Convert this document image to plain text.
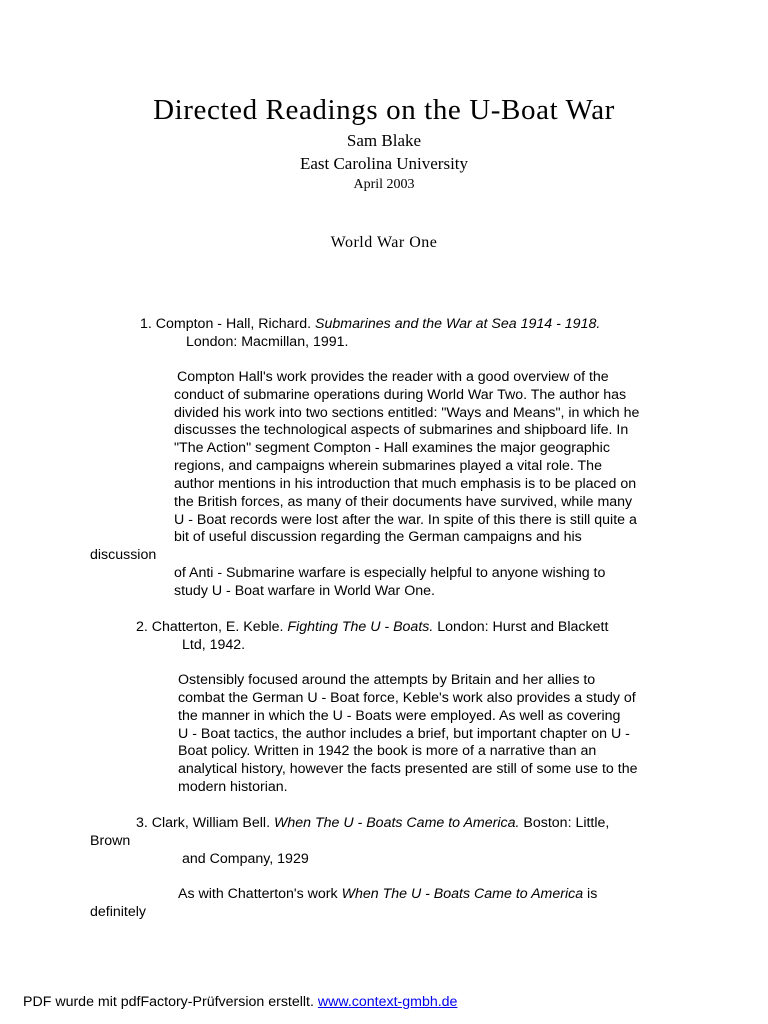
Directed Readings on the U-Boat War
Sam Blake
East Carolina University
April 2003
World War One
1. Compton - Hall, Richard. Submarines and the War at Sea 1914 - 1918.
London: Macmillan, 1991.
Compton Hall's work provides the reader with a good overview of the
conduct of submarine operations during World War Two. The author has
divided his work into two sections entitled: "Ways and Means", in which he
discusses the technological aspects of submarines and shipboard life. In
"The Action" segment Compton - Hall examines the major geographic
regions, and campaigns wherein submarines played a vital role. The
author mentions in his introduction that much emphasis is to be placed on
the British forces, as many of their documents have survived, while many
U - Boat records were lost after the war. In spite of this there is still quite a
bit of useful discussion regarding the German campaigns and his
discussion
of Anti - Submarine warfare is especially helpful to anyone wishing to
study U - Boat warfare in World War One.
2. Chatterton, E. Keble. Fighting The U - Boats. London: Hurst and Blackett
Ltd, 1942.
Ostensibly focused around the attempts by Britain and her allies to
combat the German U - Boat force, Keble's work also provides a study of
the manner in which the U - Boats were employed. As well as covering
U - Boat tactics, the author includes a brief, but important chapter on U -
Boat policy. Written in 1942 the book is more of a narrative than an
analytical history, however the facts presented are still of some use to the
modern historian.
3. Clark, William Bell. When The U - Boats Came to America. Boston: Little,
Brown
and Company, 1929
As with Chatterton's work When The U - Boats Came to America is
definitely
PDF wurde mit pdfFactory-Prüfversion erstellt. www.context-gmbh.de
